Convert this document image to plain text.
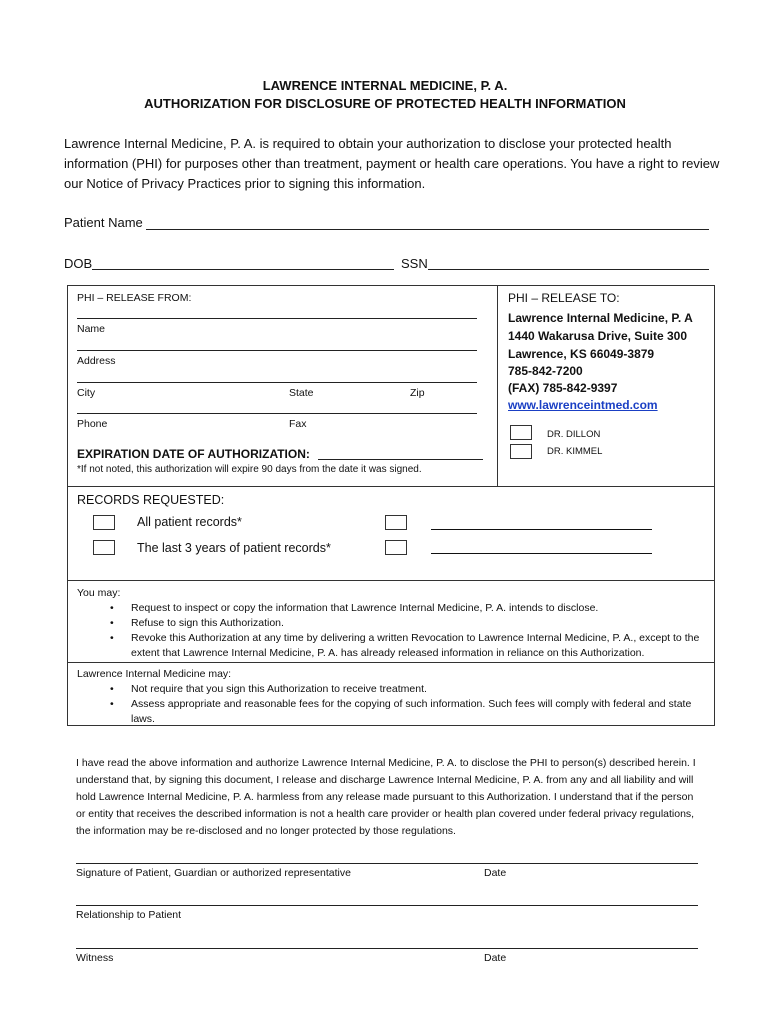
LAWRENCE INTERNAL MEDICINE, P. A.
AUTHORIZATION FOR DISCLOSURE OF PROTECTED HEALTH INFORMATION
Lawrence Internal Medicine, P. A. is required to obtain your authorization to disclose your protected health information (PHI) for purposes other than treatment, payment or health care operations. You have a right to review our Notice of Privacy Practices prior to signing this information.
Patient Name
DOB	SSN
PHI – RELEASE FROM:
Name
Address
City	State	Zip
Phone	Fax
EXPIRATION DATE OF AUTHORIZATION:
*If not noted, this authorization will expire 90 days from the date it was signed.
PHI – RELEASE TO:
Lawrence Internal Medicine, P. A
1440 Wakarusa Drive, Suite 300
Lawrence, KS 66049-3879
785-842-7200
(FAX) 785-842-9397
www.lawrenceintmed.com
DR. DILLON
DR. KIMMEL
RECORDS REQUESTED:
All patient records*
The last 3 years of patient records*
You may:
• Request to inspect or copy the information that Lawrence Internal Medicine, P. A. intends to disclose.
• Refuse to sign this Authorization.
• Revoke this Authorization at any time by delivering a written Revocation to Lawrence Internal Medicine, P. A., except to the extent that Lawrence Internal Medicine, P. A. has already released information in reliance on this Authorization.
Lawrence Internal Medicine may:
• Not require that you sign this Authorization to receive treatment.
• Assess appropriate and reasonable fees for the copying of such information. Such fees will comply with federal and state laws.
I have read the above information and authorize Lawrence Internal Medicine, P. A. to disclose the PHI to person(s) described herein. I understand that, by signing this document, I release and discharge Lawrence Internal Medicine, P. A. from any and all liability and will hold Lawrence Internal Medicine, P. A. harmless from any release made pursuant to this Authorization. I understand that if the person or entity that receives the described information is not a health care provider or health plan covered under federal privacy regulations, the information may be re-disclosed and no longer protected by those regulations.
Signature of Patient, Guardian or authorized representative	Date
Relationship to Patient
Witness	Date
